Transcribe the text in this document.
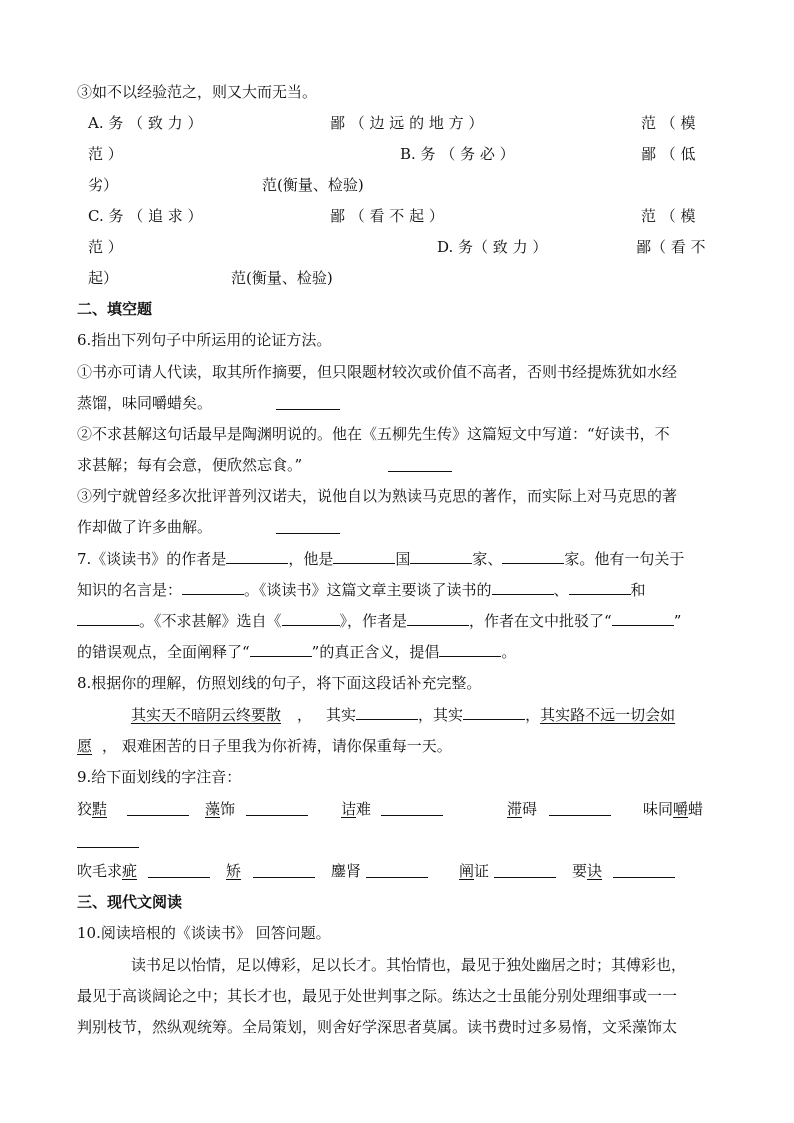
③如不以经验范之，则又大而无当。
A. 务 （ 致 力 ）	鄙 （ 边 远 的 地 方 ）	范 （ 模
范 ）	B. 务 （ 务 必 ）	鄙 （ 低
劣）	范(衡量、检验)
C. 务 （ 追 求 ）	鄙 （ 看 不 起 ）	范 （ 模
范 ）	D. 务（ 致 力 ）	鄙（ 看 不
起）	范(衡量、检验)
二、填空题
6.指出下列句子中所运用的论证方法。
①书亦可请人代读，取其所作摘要，但只限题材较次或价值不高者，否则书经提炼犹如水经
蒸馏，味同嚼蜡矣。
②不求甚解这句话最早是陶渊明说的。他在《五柳先生传》这篇短文中写道：“好读书，不
求甚解；每有会意，便欣然忘食。”
③列宁就曾经多次批评普列汉诺夫，说他自以为熟读马克思的著作，而实际上对马克思的著
作却做了许多曲解。
7.《谈读书》的作者是	，他是	国	家、	家。他有一句关于
知识的名言是：	。《谈读书》这篇文章主要谈了读书的	、	和
。《不求甚解》选自《	》，作者是	，作者在文中批驳了“	”
的错误观点，全面阐释了“	”的真正含义，提倡	。
8.根据你的理解，仿照划线的句子，将下面这段话补充完整。
其实天不暗阴云终要散 ， 其实	，其实	，其实路不远一切会如
愿 ， 艰难困苦的日子里我为你祈祷，请你保重每一天。
9.给下面划线的字注音：
狡黠	藻饰	诘难	滞碍	味同嚼蜡
吹毛求疵	矫	鏖肾	阐证	要诀
三、现代文阅读
10.阅读培根的《谈读书》 回答问题。
读书足以怡情，足以傅彩，足以长才。其怡情也，最见于独处幽居之时；其傅彩也，
最见于高谈阔论之中；其长才也，最见于处世判事之际。练达之士虽能分别处理细事或一一
判别枝节，然纵观统筹。全局策划，则舍好学深思者莫属。读书费时过多易惰，文采藻饰太
